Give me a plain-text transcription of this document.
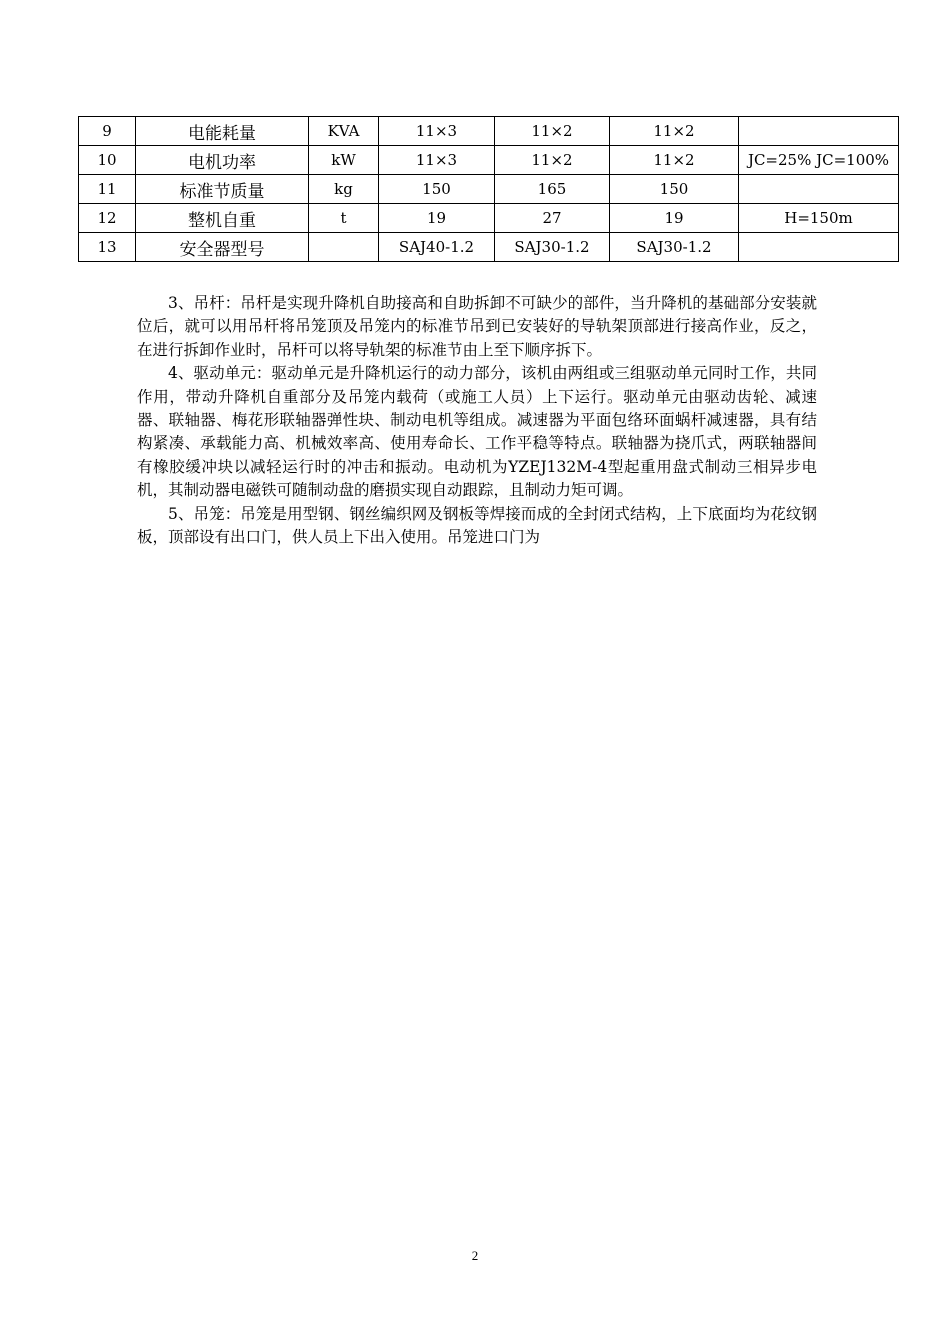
9	电能耗量	KVA	11×3	11×2	11×2	
10	电机功率	kW	11×3	11×2	11×2	JC=25% JC=100%
11	标准节质量	kg	150	165	150	
12	整机自重	t	19	27	19	H=150m
13	安全器型号		SAJ40-1.2	SAJ30-1.2	SAJ30-1.2	

3、吊杆：吊杆是实现升降机自助接高和自助拆卸不可缺少的部件，当升降机的基础部分安装就位后，就可以用吊杆将吊笼顶及吊笼内的标准节吊到已安装好的导轨架顶部进行接高作业，反之，在进行拆卸作业时，吊杆可以将导轨架的标准节由上至下顺序拆下。

4、驱动单元：驱动单元是升降机运行的动力部分，该机由两组或三组驱动单元同时工作，共同作用，带动升降机自重部分及吊笼内载荷（或施工人员）上下运行。驱动单元由驱动齿轮、减速器、联轴器、梅花形联轴器弹性块、制动电机等组成。减速器为平面包络环面蜗杆减速器，具有结构紧凑、承载能力高、机械效率高、使用寿命长、工作平稳等特点。联轴器为挠爪式，两联轴器间有橡胶缓冲块以减轻运行时的冲击和振动。电动机为YZEJ132M-4型起重用盘式制动三相异步电机，其制动器电磁铁可随制动盘的磨损实现自动跟踪，且制动力矩可调。

5、吊笼：吊笼是用型钢、钢丝编织网及钢板等焊接而成的全封闭式结构，上下底面均为花纹钢板，顶部设有出口门，供人员上下出入使用。吊笼进口门为

2
